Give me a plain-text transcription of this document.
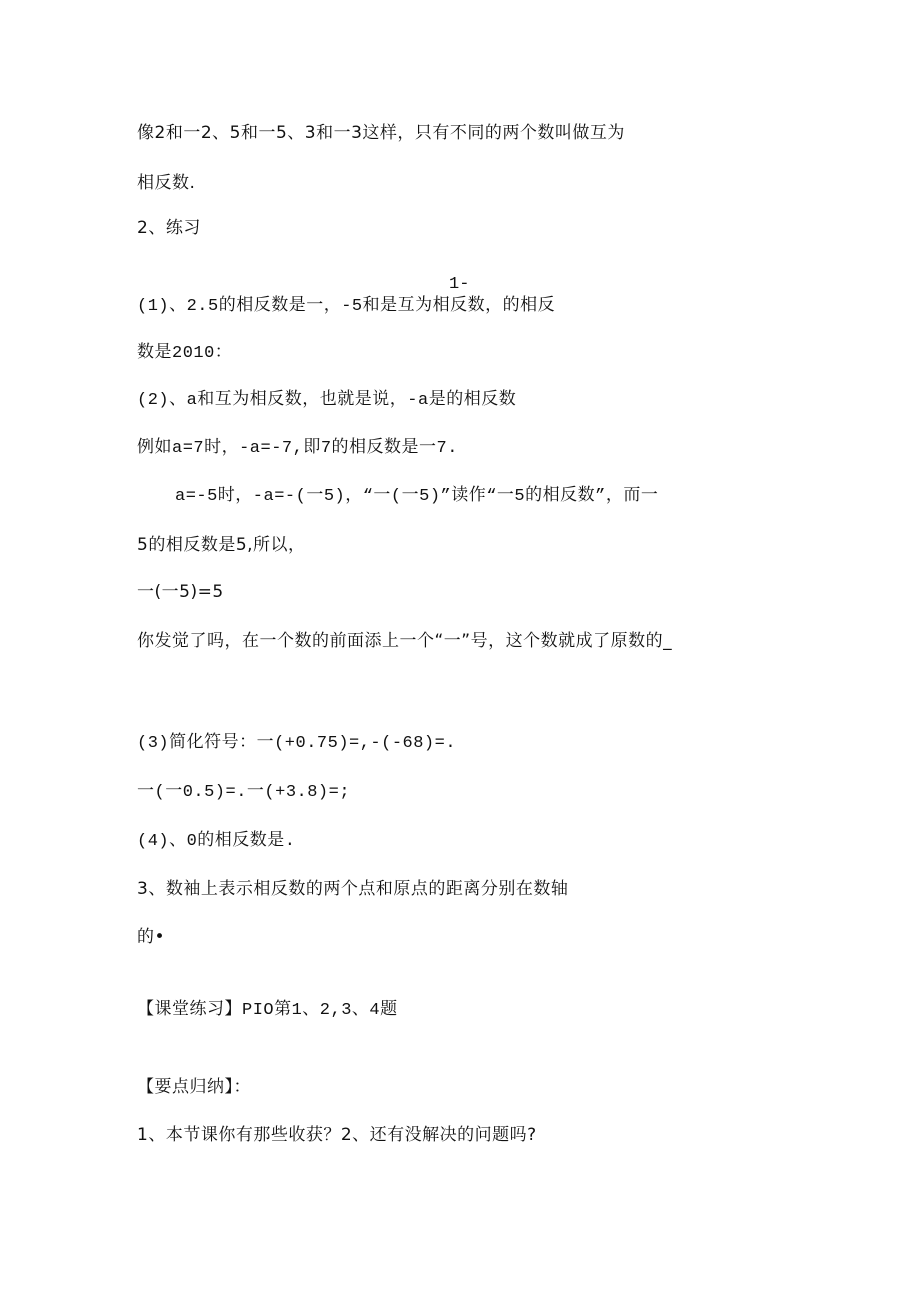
像2和一2、5和一5、3和一3这样，只有不同的两个数叫做互为
相反数.
2、练习
1-
(1)、2.5的相反数是一，-5和是互为相反数，的相反
数是2010：
(2)、a和互为相反数，也就是说，-a是的相反数
例如a=7时，-a=-7,即7的相反数是一7.
a=-5时，-a=-(一5)，“一(一5)”读作“一5的相反数”，而一
5的相反数是5,所以，
一(一5)=5
你发觉了吗，在一个数的前面添上一个“一”号，这个数就成了原数的_
(3)简化符号：一(+0.75)=,-(-68)=.
一(一0.5)=.一(+3.8)=;
(4)、0的相反数是.
3、数袖上表示相反数的两个点和原点的距离分别在数轴
的•
【课堂练习】PIO第1、2,3、4题
【要点归纳】：
1、本节课你有那些收获？2、还有没解决的问题吗?
